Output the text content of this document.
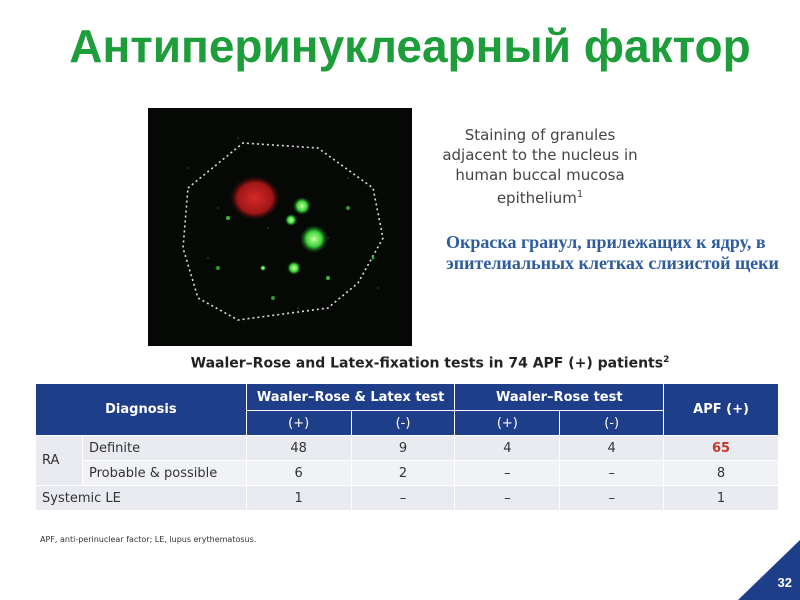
Антиперинуклеарный фактор
Staining of granules adjacent to the nucleus in human buccal mucosa epithelium$^1$
Окраска гранул, прилежащих к ядру, в эпителиальных клетках слизистой щеки
Waaler–Rose and Latex-fixation tests in 74 APF (+) patients$^2$
Diagnosis		Waaler–Rose & Latex test		Waaler–Rose test		APF (+)
		(+)	(-)	(+)	(-)	
RA	Definite	48	9	4	4	65
	Probable & possible	6	2	–	–	8
Systemic LE		1	–	–	–	1
APF, anti-perinuclear factor; LE, lupus erythematosus.
32
